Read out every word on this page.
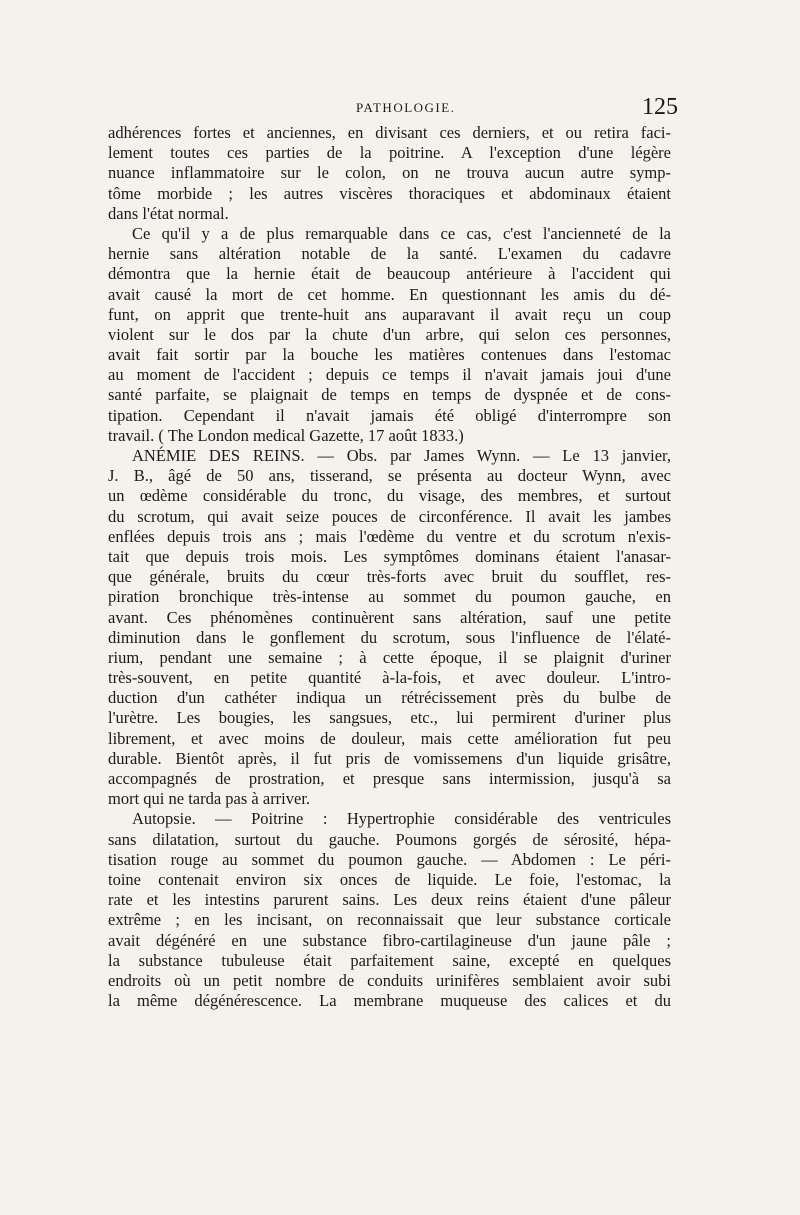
PATHOLOGIE.	125
adhérences fortes et anciennes, en divisant ces derniers, et ou retira faci-
lement toutes ces parties de la poitrine. A l'exception d'une légère
nuance inflammatoire sur le colon, on ne trouva aucun autre symp-
tôme morbide ; les autres viscères thoraciques et abdominaux étaient
dans l'état normal.
Ce qu'il y a de plus remarquable dans ce cas, c'est l'ancienneté de la
hernie sans altération notable de la santé. L'examen du cadavre
démontra que la hernie était de beaucoup antérieure à l'accident qui
avait causé la mort de cet homme. En questionnant les amis du dé-
funt, on apprit que trente-huit ans auparavant il avait reçu un coup
violent sur le dos par la chute d'un arbre, qui selon ces personnes,
avait fait sortir par la bouche les matières contenues dans l'estomac
au moment de l'accident ; depuis ce temps il n'avait jamais joui d'une
santé parfaite, se plaignait de temps en temps de dyspnée et de cons-
tipation. Cependant il n'avait jamais été obligé d'interrompre son
travail. ( The London medical Gazette, 17 août 1833.)
ANÉMIE DES REINS. — Obs. par James Wynn. — Le 13 janvier,
J. B., âgé de 50 ans, tisserand, se présenta au docteur Wynn, avec
un œdème considérable du tronc, du visage, des membres, et surtout
du scrotum, qui avait seize pouces de circonférence. Il avait les jambes
enflées depuis trois ans ; mais l'œdème du ventre et du scrotum n'exis-
tait que depuis trois mois. Les symptômes dominans étaient l'anasar-
que générale, bruits du cœur très-forts avec bruit du soufflet, res-
piration bronchique très-intense au sommet du poumon gauche, en
avant. Ces phénomènes continuèrent sans altération, sauf une petite
diminution dans le gonflement du scrotum, sous l'influence de l'élaté-
rium, pendant une semaine ; à cette époque, il se plaignit d'uriner
très-souvent, en petite quantité à-la-fois, et avec douleur. L'intro-
duction d'un cathéter indiqua un rétrécissement près du bulbe de
l'urètre. Les bougies, les sangsues, etc., lui permirent d'uriner plus
librement, et avec moins de douleur, mais cette amélioration fut peu
durable. Bientôt après, il fut pris de vomissemens d'un liquide grisâtre,
accompagnés de prostration, et presque sans intermission, jusqu'à sa
mort qui ne tarda pas à arriver.
Autopsie. — Poitrine : Hypertrophie considérable des ventricules
sans dilatation, surtout du gauche. Poumons gorgés de sérosité, hépa-
tisation rouge au sommet du poumon gauche. — Abdomen : Le péri-
toine contenait environ six onces de liquide. Le foie, l'estomac, la
rate et les intestins parurent sains. Les deux reins étaient d'une pâleur
extrême ; en les incisant, on reconnaissait que leur substance corticale
avait dégénéré en une substance fibro-cartilagineuse d'un jaune pâle ;
la substance tubuleuse était parfaitement saine, excepté en quelques
endroits où un petit nombre de conduits urinifères semblaient avoir subi
la même dégénérescence. La membrane muqueuse des calices et du
